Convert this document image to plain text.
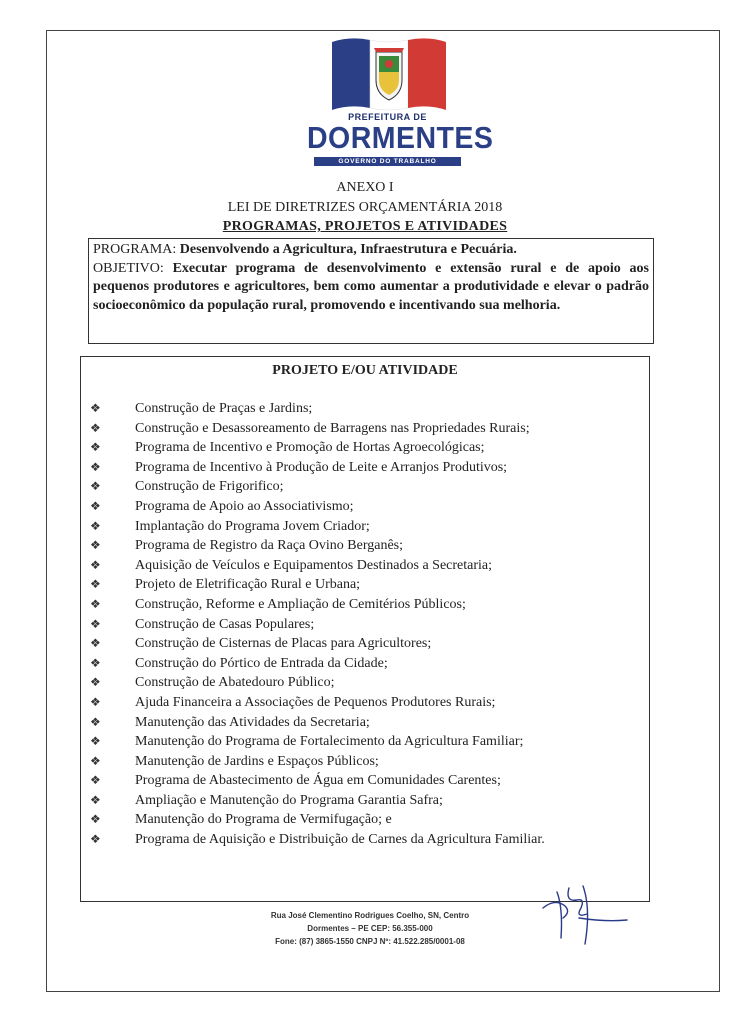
PREFEITURA DE
DORMENTES
GOVERNO DO TRABALHO
ANEXO I
LEI DE DIRETRIZES ORÇAMENTÁRIA 2018
PROGRAMAS, PROJETOS E ATIVIDADES
PROGRAMA: Desenvolvendo a Agricultura, Infraestrutura e Pecuária.
OBJETIVO: Executar programa de desenvolvimento e extensão rural e de apoio aos pequenos produtores e agricultores, bem como aumentar a produtividade e elevar o padrão socioeconômico da população rural, promovendo e incentivando sua melhoria.
PROJETO E/OU ATIVIDADE
❖ Construção de Praças e Jardins;
❖ Construção e Desassoreamento de Barragens nas Propriedades Rurais;
❖ Programa de Incentivo e Promoção de Hortas Agroecológicas;
❖ Programa de Incentivo à Produção de Leite e Arranjos Produtivos;
❖ Construção de Frigorifico;
❖ Programa de Apoio ao Associativismo;
❖ Implantação do Programa Jovem Criador;
❖ Programa de Registro da Raça Ovino Berganês;
❖ Aquisição de Veículos e Equipamentos Destinados a Secretaria;
❖ Projeto de Eletrificação Rural e Urbana;
❖ Construção, Reforme e Ampliação de Cemitérios Públicos;
❖ Construção de Casas Populares;
❖ Construção de Cisternas de Placas para Agricultores;
❖ Construção do Pórtico de Entrada da Cidade;
❖ Construção de Abatedouro Público;
❖ Ajuda Financeira a Associações de Pequenos Produtores Rurais;
❖ Manutenção das Atividades da Secretaria;
❖ Manutenção do Programa de Fortalecimento da Agricultura Familiar;
❖ Manutenção de Jardins e Espaços Públicos;
❖ Programa de Abastecimento de Água em Comunidades Carentes;
❖ Ampliação e Manutenção do Programa Garantia Safra;
❖ Manutenção do Programa de Vermifugação; e
❖ Programa de Aquisição e Distribuição de Carnes da Agricultura Familiar.
Rua José Clementino Rodrigues Coelho, SN, Centro
Dormentes – PE CEP: 56.355-000
Fone: (87) 3865-1550 CNPJ Nº: 41.522.285/0001-08
